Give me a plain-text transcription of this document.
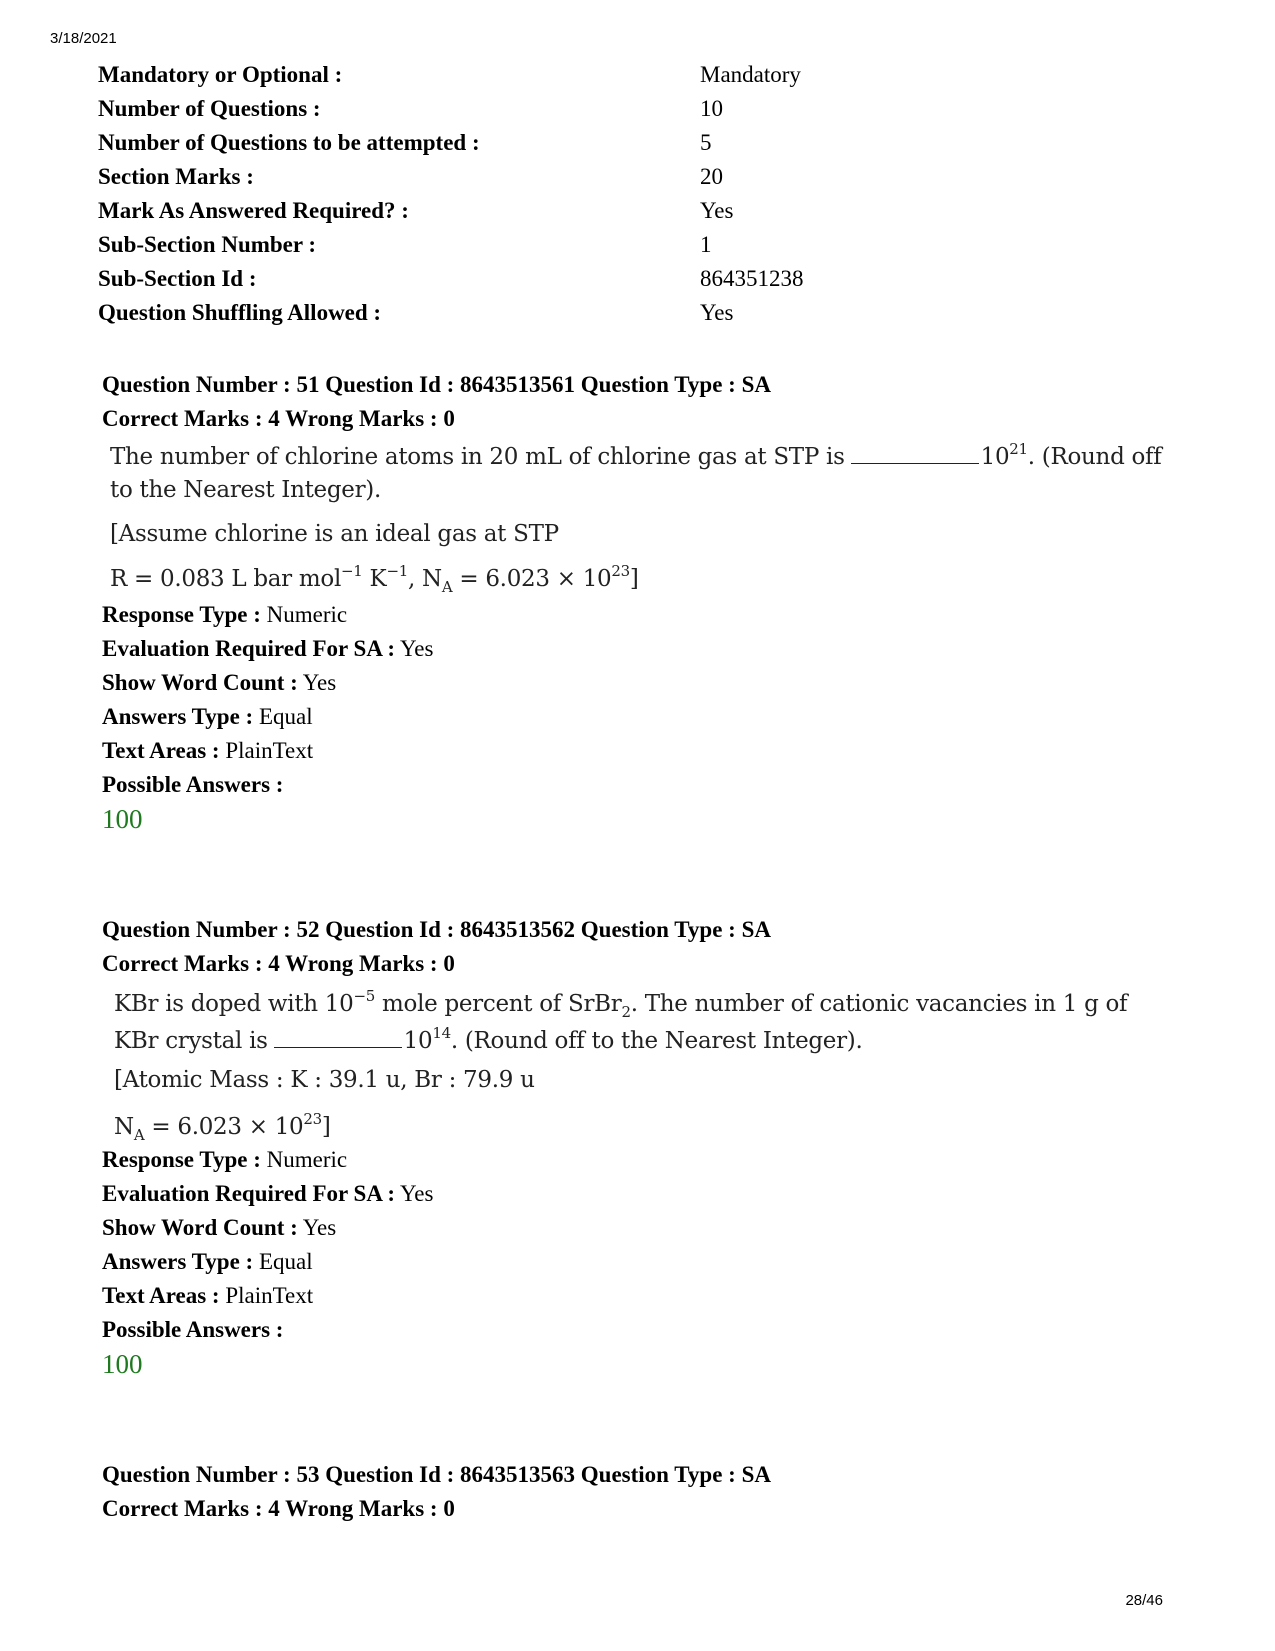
3/18/2021
Mandatory or Optional :	Mandatory
Number of Questions :	10
Number of Questions to be attempted :	5
Section Marks :	20
Mark As Answered Required? :	Yes
Sub-Section Number :	1
Sub-Section Id :	864351238
Question Shuffling Allowed :	Yes
Question Number : 51 Question Id : 8643513561 Question Type : SA
Correct Marks : 4 Wrong Marks : 0
The number of chlorine atoms in 20 mL of chlorine gas at STP is	$10^{21}$. (Round off
to the Nearest Integer).
[Assume chlorine is an ideal gas at STP
R = 0.083 L bar mol$^{-1}$ $K^{-1}$, $N_A = 6.023 \times 10^{23}$]
Response Type : Numeric
Evaluation Required For SA : Yes
Show Word Count : Yes
Answers Type : Equal
Text Areas : PlainText
Possible Answers :
100
Question Number : 52 Question Id : 8643513562 Question Type : SA
Correct Marks : 4 Wrong Marks : 0
KBr is doped with $10^{-5}$ mole percent of SrBr$_2$. The number of cationic vacancies in 1 g of
KBr crystal is	$10^{14}$. (Round off to the Nearest Integer).
[Atomic Mass : K : 39.1 u, Br : 79.9 u
$N_A = 6.023 \times 10^{23}$]
Response Type : Numeric
Evaluation Required For SA : Yes
Show Word Count : Yes
Answers Type : Equal
Text Areas : PlainText
Possible Answers :
100
Question Number : 53 Question Id : 8643513563 Question Type : SA
Correct Marks : 4 Wrong Marks : 0
28/46
